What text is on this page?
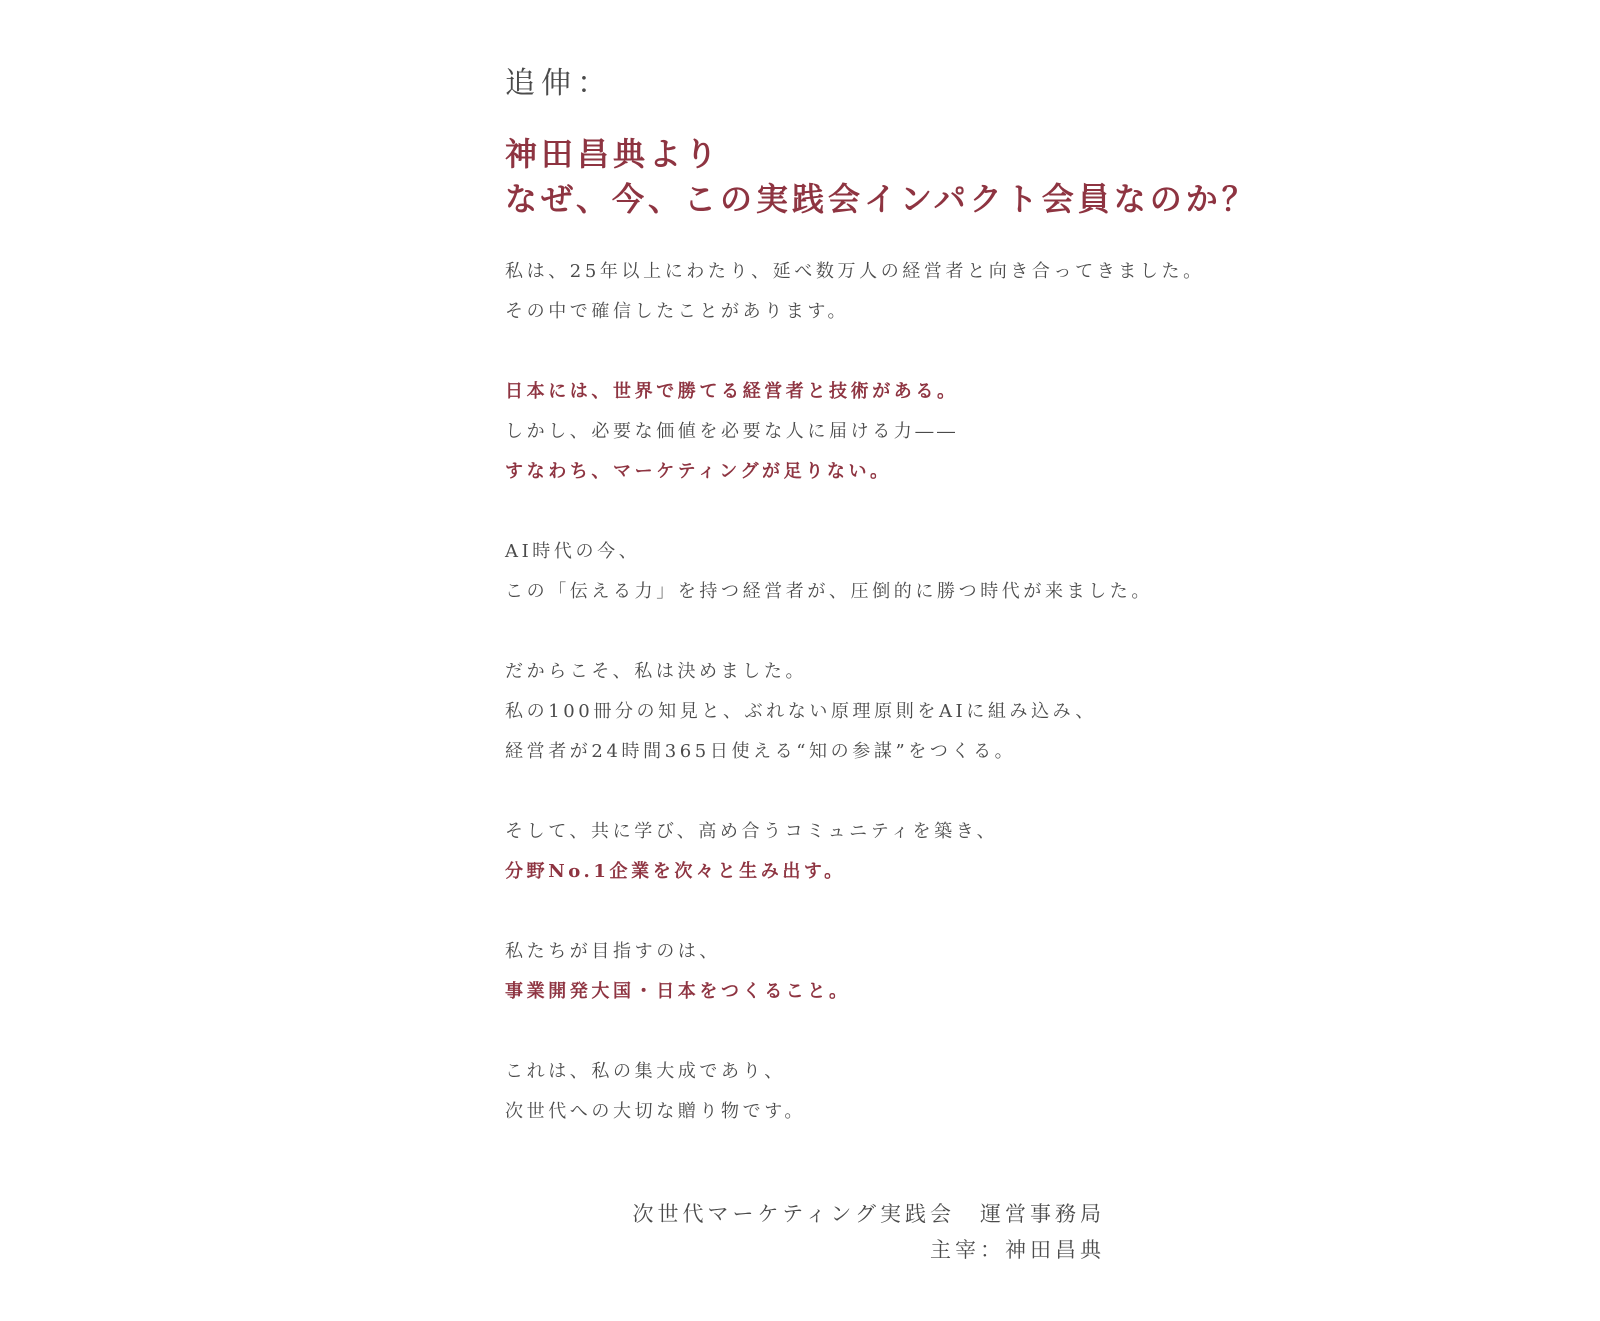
追伸：
神田昌典より
なぜ、今、この実践会インパクト会員なのか？
私は、25年以上にわたり、延べ数万人の経営者と向き合ってきました。
その中で確信したことがあります。
日本には、世界で勝てる経営者と技術がある。
しかし、必要な価値を必要な人に届ける力――
すなわち、マーケティングが足りない。
AI時代の今、
この「伝える力」を持つ経営者が、圧倒的に勝つ時代が来ました。
だからこそ、私は決めました。
私の100冊分の知見と、ぶれない原理原則をAIに組み込み、
経営者が24時間365日使える“知の参謀”をつくる。
そして、共に学び、高め合うコミュニティを築き、
分野No.1企業を次々と生み出す。
私たちが目指すのは、
事業開発大国・日本をつくること。
これは、私の集大成であり、
次世代への大切な贈り物です。
次世代マーケティング実践会　運営事務局
主宰：神田昌典
